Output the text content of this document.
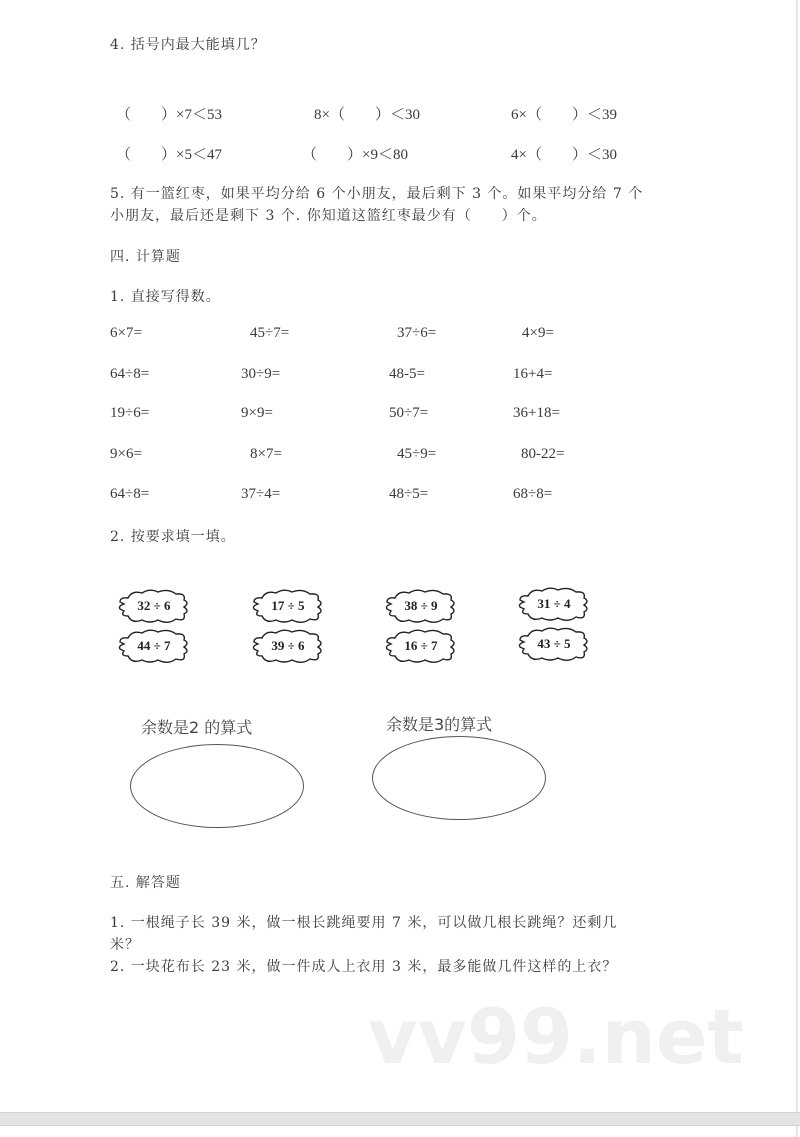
4. 括号内最大能填几？
（　　）×7＜53	8×（　　）＜30	6×（　　）＜39
（　　）×5＜47	（　　）×9＜80	4×（　　）＜30
5. 有一篮红枣，如果平均分给 6 个小朋友，最后剩下 3 个。如果平均分给 7 个
小朋友，最后还是剩下 3 个. 你知道这篮红枣最少有（　　）个。
四. 计算题
1. 直接写得数。
6×7=	45÷7=	37÷6=	4×9=
64÷8=	30÷9=	48-5=	16+4=
19÷6=	9×9=	50÷7=	36+18=
9×6=	8×7=	45÷9=	80-22=
64÷8=	37÷4=	48÷5=	68÷8=
2. 按要求填一填。
32 ÷ 6
44 ÷ 7
17 ÷ 5
39 ÷ 6
38 ÷ 9
16 ÷ 7
31 ÷ 4
43 ÷ 5
余数是2 的算式	余数是3的算式
五. 解答题
1. 一根绳子长 39 米，做一根长跳绳要用 7 米，可以做几根长跳绳？还剩几
米？
2. 一块花布长 23 米，做一件成人上衣用 3 米，最多能做几件这样的上衣？
vv99.net
